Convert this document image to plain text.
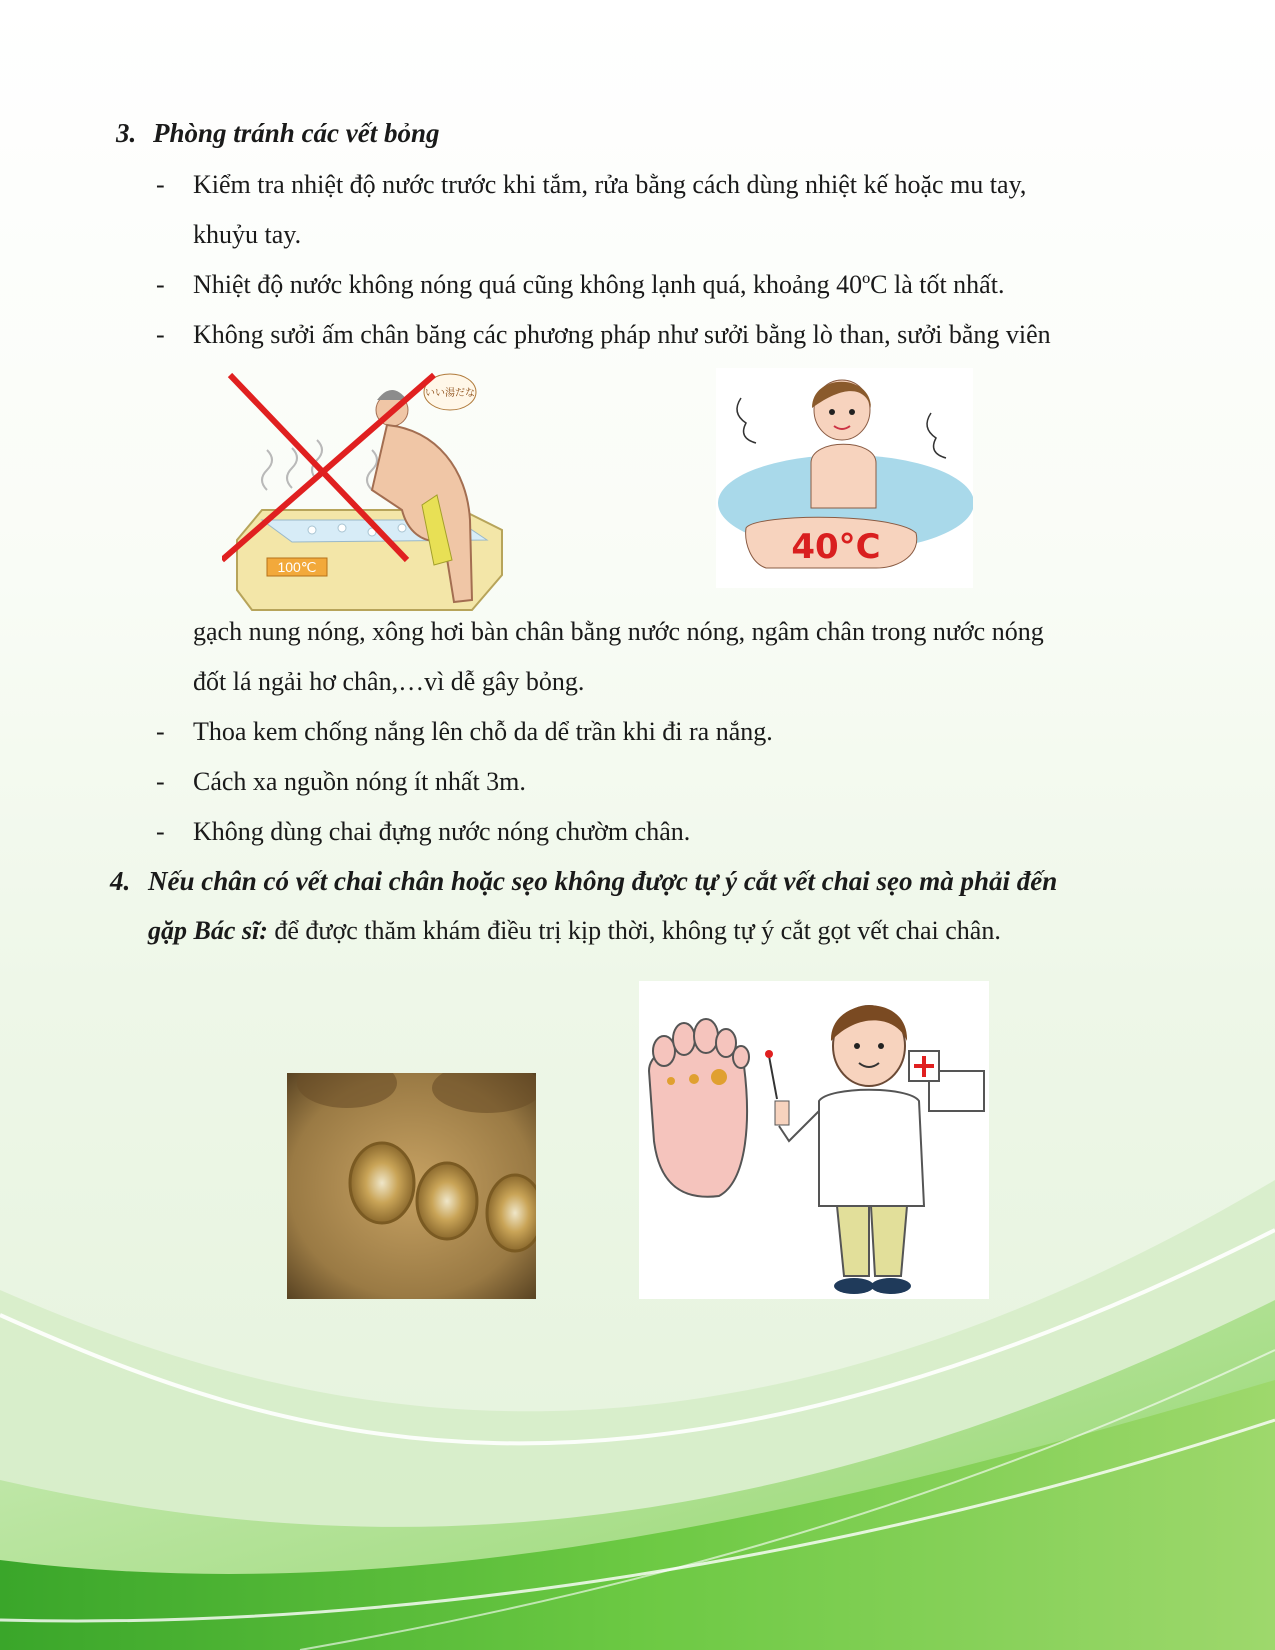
3. Phòng tránh các vết bỏng
- Kiểm tra nhiệt độ nước trước khi tắm, rửa bằng cách dùng nhiệt kế hoặc mu tay,
khuỷu tay.
- Nhiệt độ nước không nóng quá cũng không lạnh quá, khoảng 40ºC là tốt nhất.
- Không sưởi ấm chân băng các phương pháp như sưởi bằng lò than, sưởi bằng viên
100℃
いい湯だな
40°C
gạch nung nóng, xông hơi bàn chân bằng nước nóng, ngâm chân trong nước nóng
đốt lá ngải hơ chân,…vì dễ gây bỏng.
- Thoa kem chống nắng lên chỗ da dể trần khi đi ra nắng.
- Cách xa nguồn nóng ít nhất 3m.
- Không dùng chai đựng nước nóng chườm chân.
4. Nếu chân có vết chai chân hoặc sẹo không được tự ý cắt vết chai sẹo mà phải đến
gặp Bác sĩ: để được thăm khám điều trị kịp thời, không tự ý cắt gọt vết chai chân.
